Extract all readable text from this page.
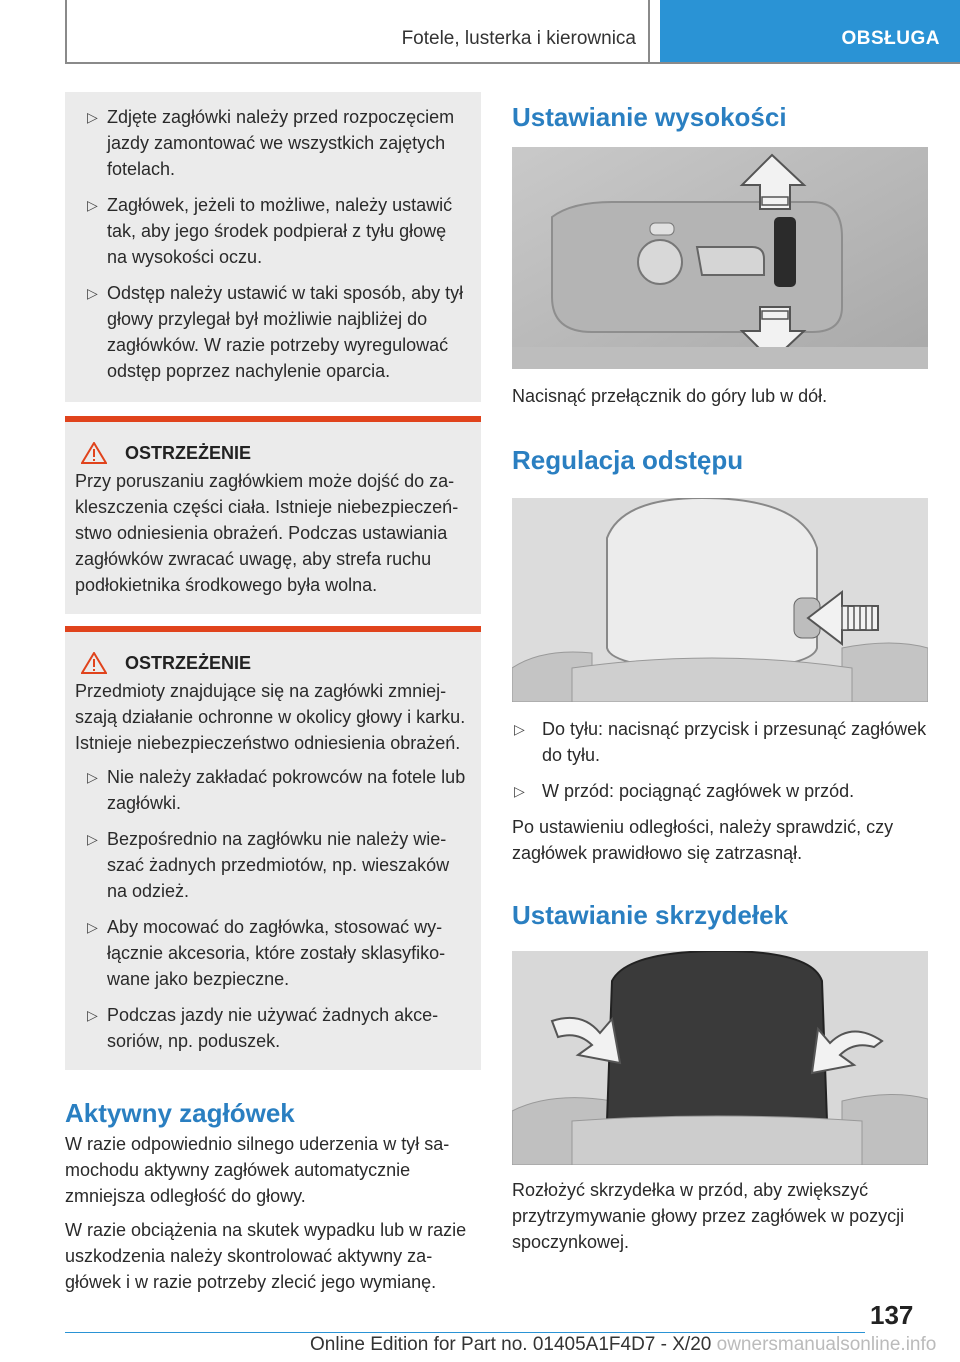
Fotele, lusterka i kierownica	OBSŁUGA
▷ Zdjęte zagłówki należy przed rozpoczęciem jazdy zamontować we wszystkich zajętych fotelach.
▷ Zagłówek, jeżeli to możliwe, należy ustawić tak, aby jego środek podpierał z tyłu głowę na wysokości oczu.
▷ Odstęp należy ustawić w taki sposób, aby tył głowy przylegał był możliwie najbliżej do zagłówków. W razie potrzeby wyregulować odstęp poprzez nachylenie oparcia.
OSTRZEŻENIE

Przy poruszaniu zagłówkiem może dojść do zakleszczenia części ciała. Istnieje niebezpieczeństwo odniesienia obrażeń. Podczas ustawiania zagłówków zwracać uwagę, aby strefa ruchu podłokietnika środkowego była wolna.

OSTRZEŻENIE

Przedmioty znajdujące się na zagłówki zmniejszają działanie ochronne w okolicy głowy i karku. Istnieje niebezpieczeństwo odniesienia obrażeń.

▷ Nie należy zakładać pokrowców na fotele lub zagłówki.
▷ Bezpośrednio na zagłówku nie należy wieszać żadnych przedmiotów, np. wieszaków na odzież.
▷ Aby mocować do zagłówka, stosować wyłącznie akcesoria, które zostały sklasyfikowane jako bezpieczne.
▷ Podczas jazdy nie używać żadnych akcesoriów, np. poduszek.
Aktywny zagłówek

W razie odpowiednio silnego uderzenia w tył samochodu aktywny zagłówek automatycznie zmniejsza odległość do głowy.

W razie obciążenia na skutek wypadku lub w razie uszkodzenia należy skontrolować aktywny zagłówek i w razie potrzeby zlecić jego wymianę.

Ustawianie wysokości

Nacisnąć przełącznik do góry lub w dół.

Regulacja odstępu
▷ Do tyłu: nacisnąć przycisk i przesunąć zagłówek do tyłu.
▷ W przód: pociągnąć zagłówek w przód.

Po ustawieniu odległości, należy sprawdzić, czy zagłówek prawidłowo się zatrzasnął.

Ustawianie skrzydełek

Rozłożyć skrzydełka w przód, aby zwiększyć przytrzymywanie głowy przez zagłówek w pozycji spoczynkowej.

137
Online Edition for Part no. 01405A1F4D7 - X/20 ownersmanualsonline.info
